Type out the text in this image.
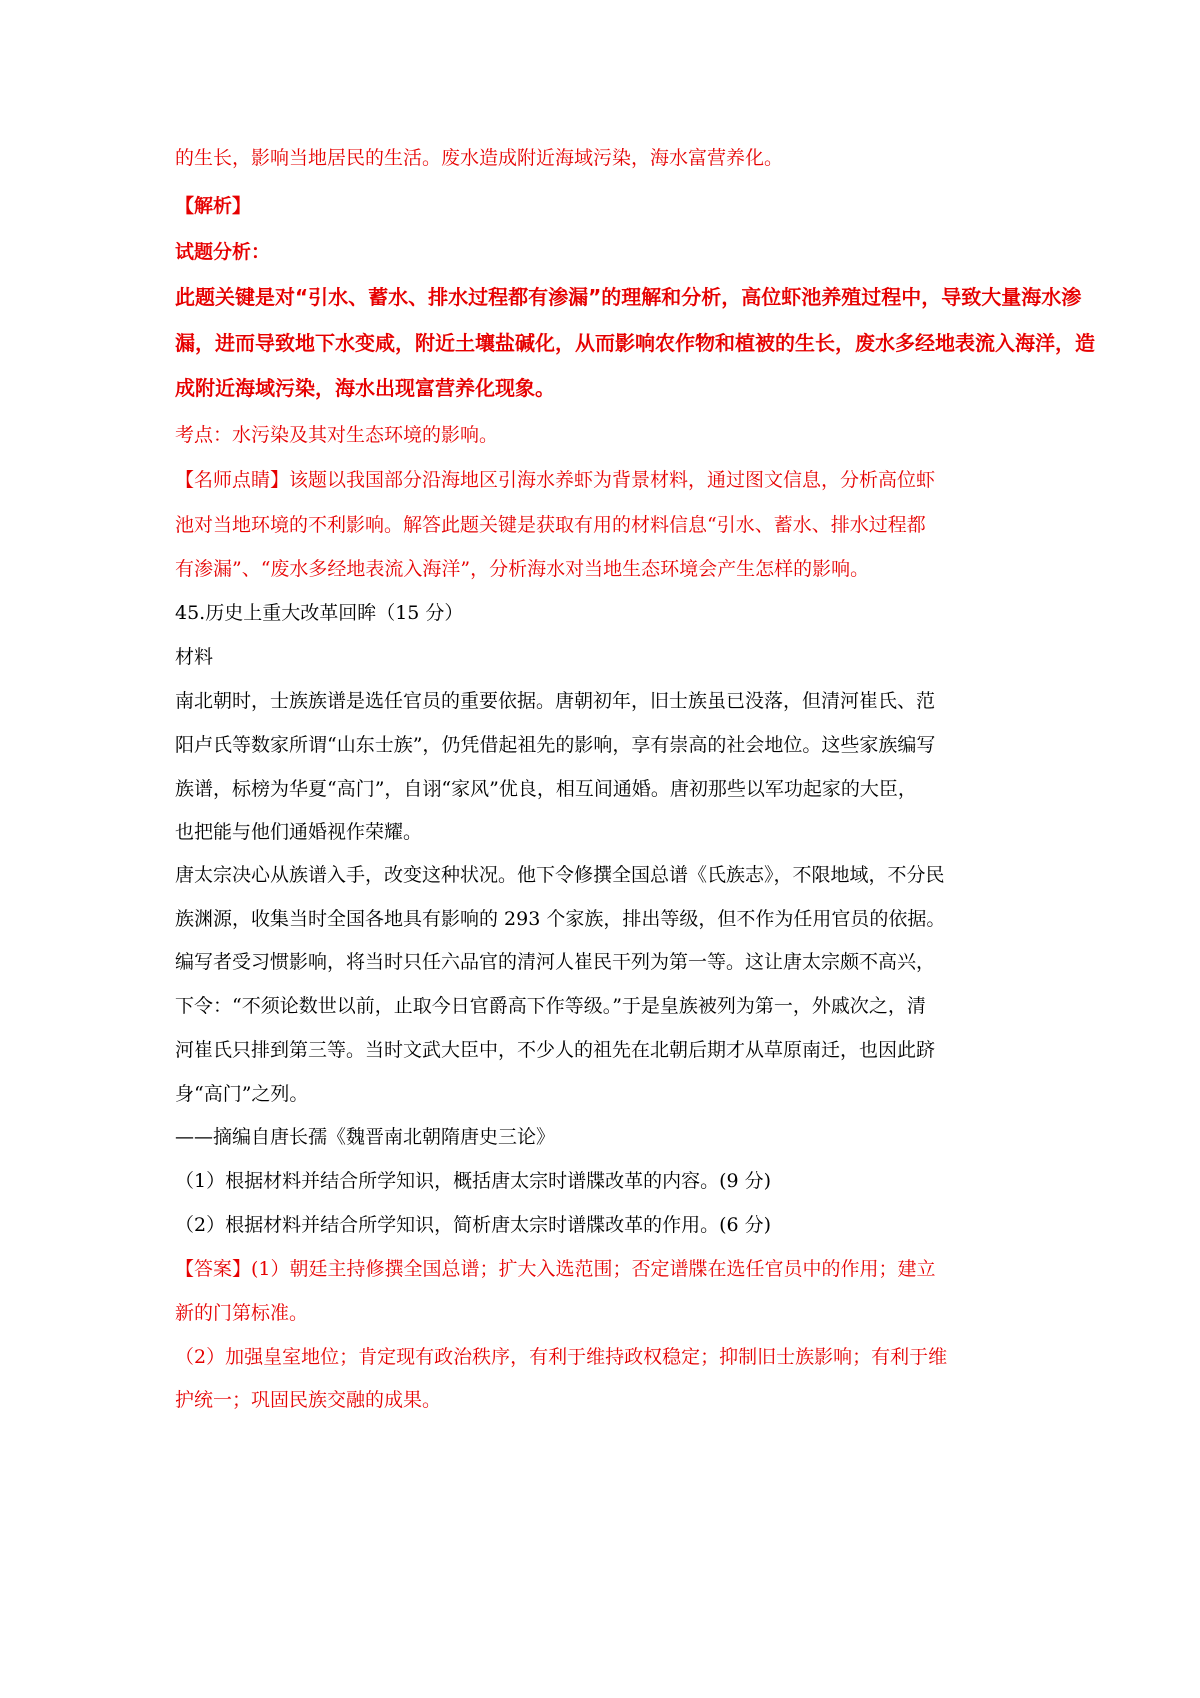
的生长，影响当地居民的生活。废水造成附近海域污染，海水富营养化。

【解析】

试题分析：

此题关键是对“引水、蓄水、排水过程都有渗漏”的理解和分析，高位虾池养殖过程中，导致大量海水渗

漏，进而导致地下水变咸，附近土壤盐碱化，从而影响农作物和植被的生长，废水多经地表流入海洋，造

成附近海域污染，海水出现富营养化现象。

考点：水污染及其对生态环境的影响。

【名师点睛】该题以我国部分沿海地区引海水养虾为背景材料，通过图文信息，分析高位虾

池对当地环境的不利影响。解答此题关键是获取有用的材料信息“引水、蓄水、排水过程都

有渗漏”、“废水多经地表流入海洋”，分析海水对当地生态环境会产生怎样的影响。

45.历史上重大改革回眸（15 分）

材料

南北朝时，士族族谱是选任官员的重要依据。唐朝初年，旧士族虽已没落，但清河崔氏、范

阳卢氏等数家所谓“山东士族”，仍凭借起祖先的影响，享有崇高的社会地位。这些家族编写

族谱，标榜为华夏“高门”，自诩“家风”优良，相互间通婚。唐初那些以军功起家的大臣，

也把能与他们通婚视作荣耀。

唐太宗决心从族谱入手，改变这种状况。他下令修撰全国总谱《氏族志》，不限地域，不分民

族渊源，收集当时全国各地具有影响的 293 个家族，排出等级，但不作为任用官员的依据。

编写者受习惯影响，将当时只任六品官的清河人崔民干列为第一等。这让唐太宗颇不高兴，

下令：“不须论数世以前，止取今日官爵高下作等级。”于是皇族被列为第一，外戚次之，清

河崔氏只排到第三等。当时文武大臣中，不少人的祖先在北朝后期才从草原南迁，也因此跻

身“高门”之列。

——摘编自唐长孺《魏晋南北朝隋唐史三论》

（1）根据材料并结合所学知识，概括唐太宗时谱牒改革的内容。(9 分)

（2）根据材料并结合所学知识，简析唐太宗时谱牒改革的作用。(6 分)

【答案】(1）朝廷主持修撰全国总谱；扩大入选范围；否定谱牒在选任官员中的作用；建立

新的门第标准。

（2）加强皇室地位；肯定现有政治秩序，有利于维持政权稳定；抑制旧士族影响；有利于维

护统一；巩固民族交融的成果。
